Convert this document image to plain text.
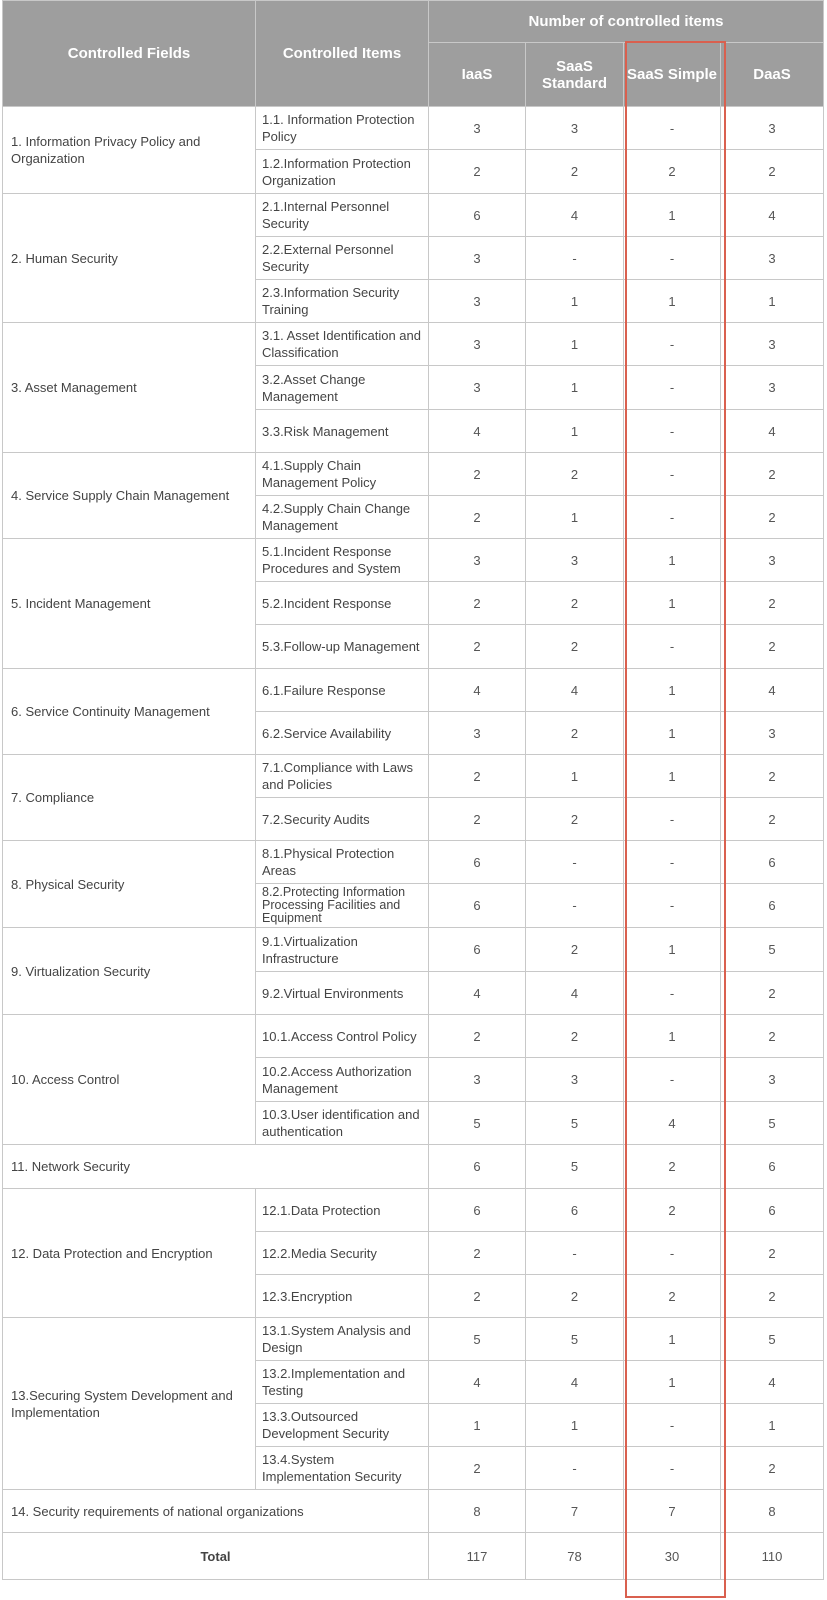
Controlled Fields	Controlled Items	Number of controlled items			
		IaaS	SaaS Standard	SaaS Simple	DaaS
1. Information Privacy Policy and Organization	1.1. Information Protection Policy	3	3	-	3
	1.2.Information Protection Organization	2	2	2	2
2. Human Security	2.1.Internal Personnel Security	6	4	1	4
	2.2.External Personnel Security	3	-	-	3
	2.3.Information Security Training	3	1	1	1
3. Asset Management	3.1. Asset Identification and Classification	3	1	-	3
	3.2.Asset Change Management	3	1	-	3
	3.3.Risk Management	4	1	-	4
4. Service Supply Chain Management	4.1.Supply Chain Management Policy	2	2	-	2
	4.2.Supply Chain Change Management	2	1	-	2
5. Incident Management	5.1.Incident Response Procedures and System	3	3	1	3
	5.2.Incident Response	2	2	1	2
	5.3.Follow-up Management	2	2	-	2
6. Service Continuity Management	6.1.Failure Response	4	4	1	4
	6.2.Service Availability	3	2	1	3
7. Compliance	7.1.Compliance with Laws and Policies	2	1	1	2
	7.2.Security Audits	2	2	-	2
8. Physical Security	8.1.Physical Protection Areas	6	-	-	6
	8.2.Protecting Information Processing Facilities and Equipment	6	-	-	6
9. Virtualization Security	9.1.Virtualization Infrastructure	6	2	1	5
	9.2.Virtual Environments	4	4	-	2
10. Access Control	10.1.Access Control Policy	2	2	1	2
	10.2.Access Authorization Management	3	3	-	3
	10.3.User identification and authentication	5	5	4	5
11. Network Security		6	5	2	6
12. Data Protection and Encryption	12.1.Data Protection	6	6	2	6
	12.2.Media Security	2	-	-	2
	12.3.Encryption	2	2	2	2
13.Securing System Development and Implementation	13.1.System Analysis and Design	5	5	1	5
	13.2.Implementation and Testing	4	4	1	4
	13.3.Outsourced Development Security	1	1	-	1
	13.4.System Implementation Security	2	-	-	2
14. Security requirements of national organizations		8	7	7	8
Total		117	78	30	110
